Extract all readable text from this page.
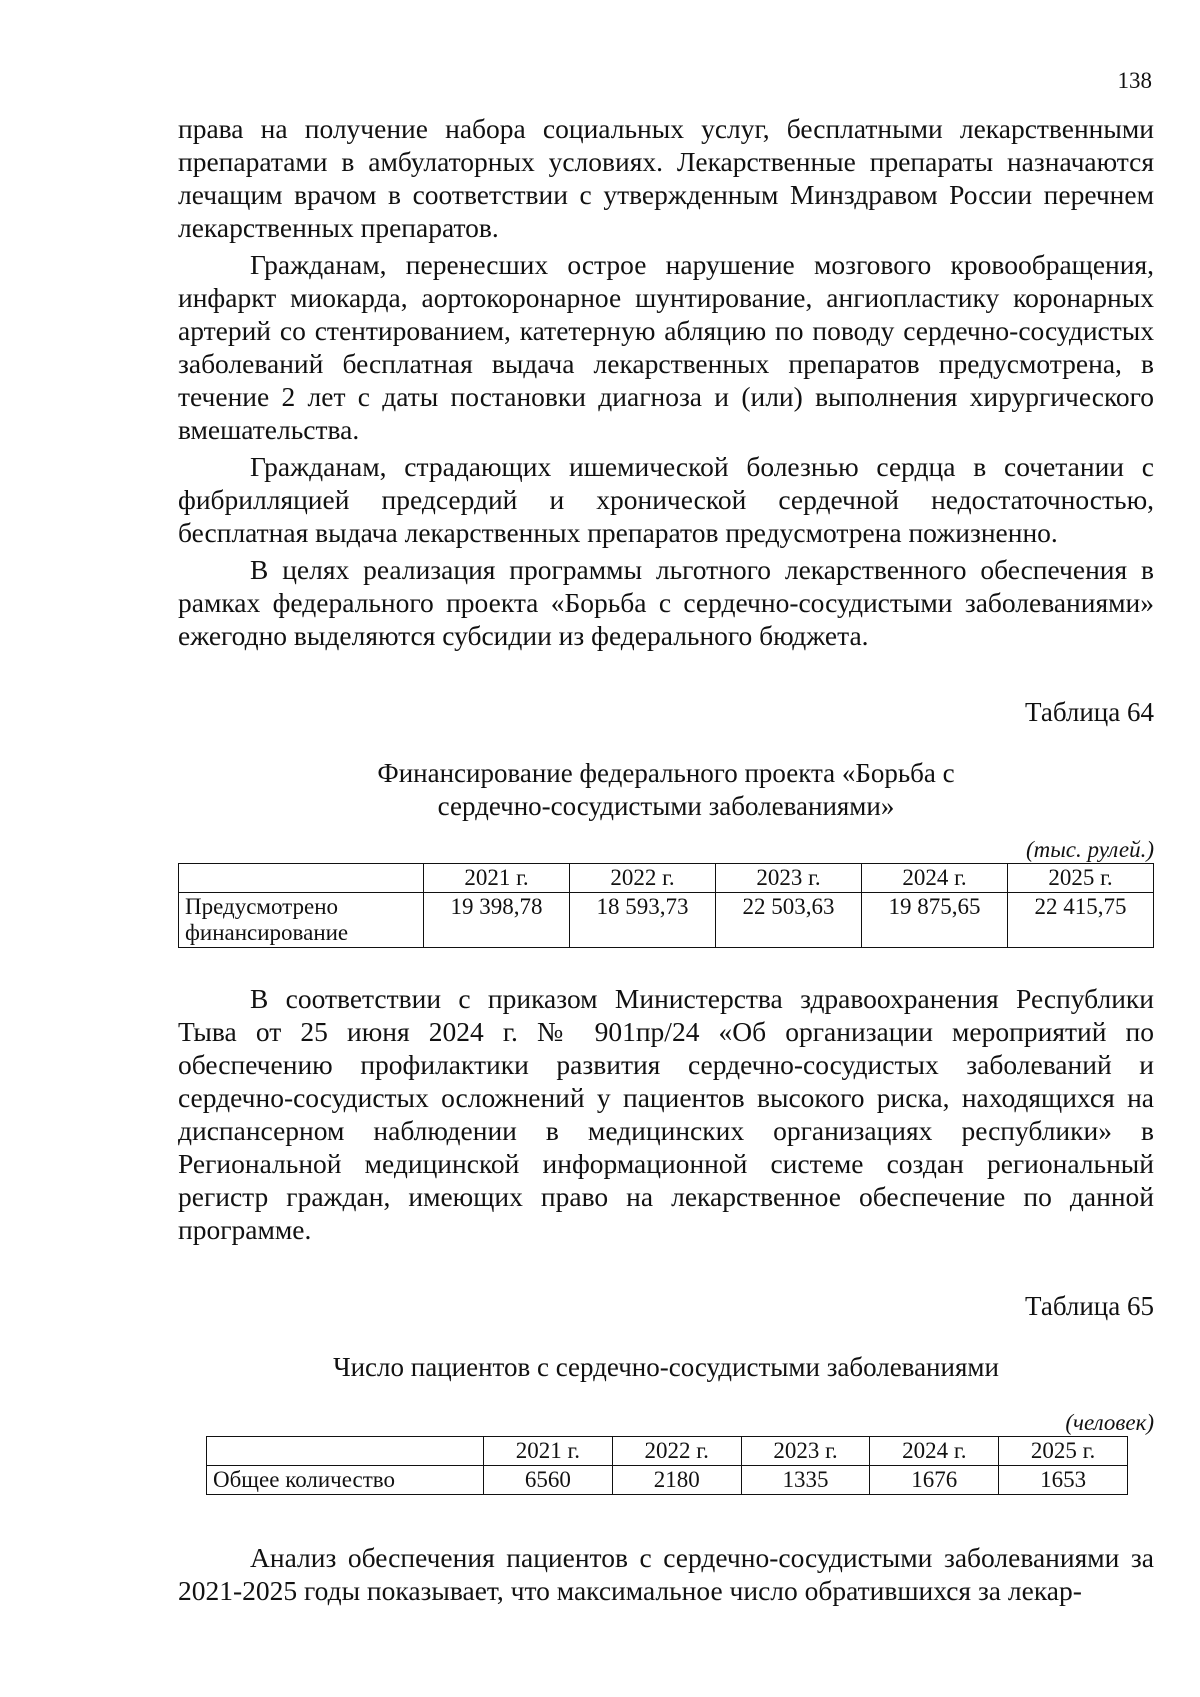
138

права на получение набора социальных услуг, бесплатными лекарственными препаратами в амбулаторных условиях. Лекарственные препараты назначаются лечащим врачом в соответствии с утвержденным Минздравом России перечнем лекарственных препаратов.

Гражданам, перенесших острое нарушение мозгового кровообращения, инфаркт миокарда, аортокоронарное шунтирование, ангиопластику коронарных артерий со стентированием, катетерную абляцию по поводу сердечно-сосудистых заболеваний бесплатная выдача лекарственных препаратов предусмотрена, в течение 2 лет с даты постановки диагноза и (или) выполнения хирургического вмешательства.

Гражданам, страдающих ишемической болезнью сердца в сочетании с фибрилляцией предсердий и хронической сердечной недостаточностью, бесплатная выдача лекарственных препаратов предусмотрена пожизненно.

В целях реализация программы льготного лекарственного обеспечения в рамках федерального проекта «Борьба с сердечно-сосудистыми заболеваниями» ежегодно выделяются субсидии из федерального бюджета.

Таблица 64
Финансирование федерального проекта «Борьба с
сердечно-сосудистыми заболеваниями»

(тыс. рулей.)

	2021 г.	2022 г.	2023 г.	2024 г.	2025 г.
Предусмотрено финансирование	19 398,78	18 593,73	22 503,63	19 875,65	22 415,75

В соответствии с приказом Министерства здравоохранения Республики Тыва от 25 июня 2024 г. № 901пр/24 «Об организации мероприятий по обеспечению профилактики развития сердечно-сосудистых заболеваний и сердечно-сосудистых осложнений у пациентов высокого риска, находящихся на диспансерном наблюдении в медицинских организациях республики» в Региональной медицинской информационной системе создан региональный регистр граждан, имеющих право на лекарственное обеспечение по данной программе.

Таблица 65
Число пациентов с сердечно-сосудистыми заболеваниями

(человек)

	2021 г.	2022 г.	2023 г.	2024 г.	2025 г.
Общее количество	6560	2180	1335	1676	1653

Анализ обеспечения пациентов с сердечно-сосудистыми заболеваниями за 2021-2025 годы показывает, что максимальное число обратившихся за лекар-
